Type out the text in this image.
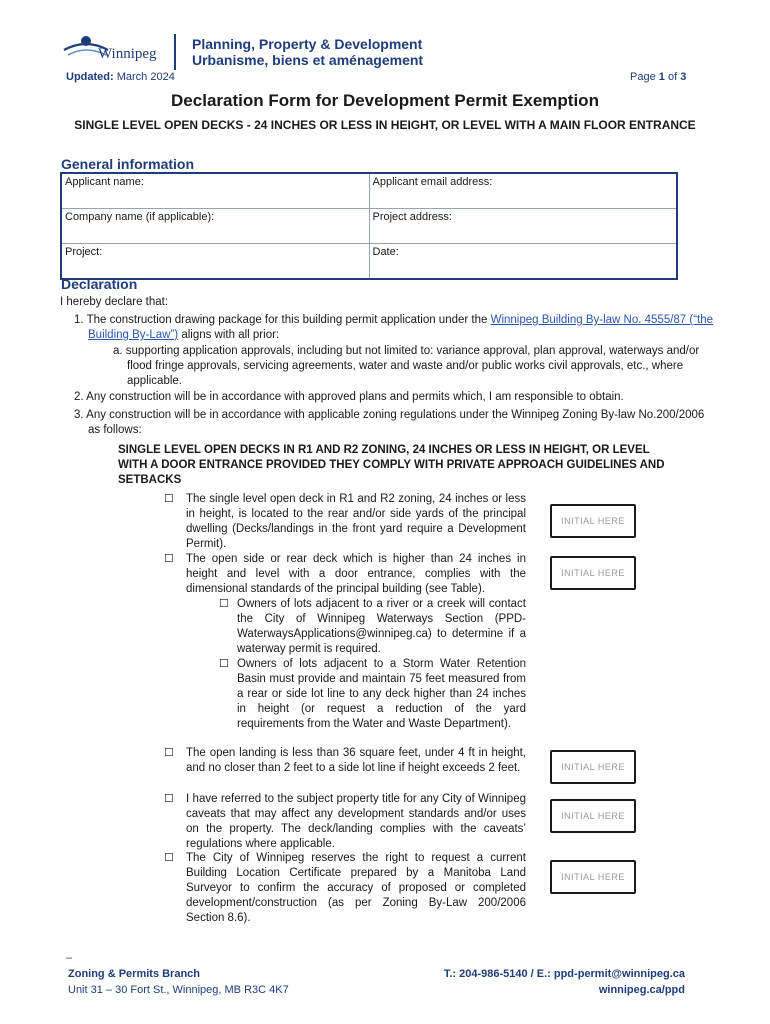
Winnipeg
Planning, Property & Development
Urbanisme, biens et aménagement
Updated: March 2024	Page 1 of 3
Declaration Form for Development Permit Exemption
SINGLE LEVEL OPEN DECKS - 24 INCHES OR LESS IN HEIGHT, OR LEVEL WITH A MAIN FLOOR ENTRANCE
General information
Applicant name:	Applicant email address:
Company name (if applicable):	Project address:
Project:	Date:
Declaration
I hereby declare that:
1. The construction drawing package for this building permit application under the Winnipeg Building By-law No. 4555/87 (“the Building By-Law”) aligns with all prior:
a. supporting application approvals, including but not limited to: variance approval, plan approval, waterways and/or flood fringe approvals, servicing agreements, water and waste and/or public works civil approvals, etc., where applicable.
2. Any construction will be in accordance with approved plans and permits which, I am responsible to obtain.
3. Any construction will be in accordance with applicable zoning regulations under the Winnipeg Zoning By-law No.200/2006 as follows:
SINGLE LEVEL OPEN DECKS IN R1 AND R2 ZONING, 24 INCHES OR LESS IN HEIGHT, OR LEVEL WITH A DOOR ENTRANCE PROVIDED THEY COMPLY WITH PRIVATE APPROACH GUIDELINES AND SETBACKS
☐ The single level open deck in R1 and R2 zoning, 24 inches or less in height, is located to the rear and/or side yards of the principal dwelling (Decks/landings in the front yard require a Development Permit).
INITIAL HERE
☐ The open side or rear deck which is higher than 24 inches in height and level with a door entrance, complies with the dimensional standards of the principal building (see Table).
INITIAL HERE
☐ Owners of lots adjacent to a river or a creek will contact the City of Winnipeg Waterways Section (PPD-WaterwaysApplications@winnipeg.ca) to determine if a waterway permit is required.
☐ Owners of lots adjacent to a Storm Water Retention Basin must provide and maintain 75 feet measured from a rear or side lot line to any deck higher than 24 inches in height (or request a reduction of the yard requirements from the Water and Waste Department).
☐ The open landing is less than 36 square feet, under 4 ft in height, and no closer than 2 feet to a side lot line if height exceeds 2 feet.	INITIAL HERE
☐ I have referred to the subject property title for any City of Winnipeg caveats that may affect any development standards and/or uses on the property. The deck/landing complies with the caveats’ regulations where applicable.
INITIAL HERE
☐ The City of Winnipeg reserves the right to request a current Building Location Certificate prepared by a Manitoba Land Surveyor to confirm the accuracy of proposed or completed development/construction (as per Zoning By-Law 200/2006 Section 8.6).
INITIAL HERE
–
Zoning & Permits Branch
Unit 31 – 30 Fort St., Winnipeg, MB R3C 4K7
T.: 204-986-5140 / E.: ppd-permit@winnipeg.ca
winnipeg.ca/ppd
